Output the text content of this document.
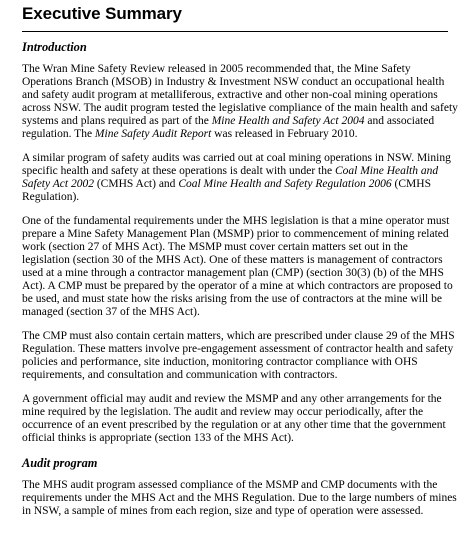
Executive Summary
Introduction

The Wran Mine Safety Review released in 2005 recommended that, the Mine Safety Operations Branch (MSOB) in Industry & Investment NSW conduct an occupational health and safety audit program at metalliferous, extractive and other non-coal mining operations across NSW. The audit program tested the legislative compliance of the main health and safety systems and plans required as part of the Mine Health and Safety Act 2004 and associated regulation. The Mine Safety Audit Report was released in February 2010.

A similar program of safety audits was carried out at coal mining operations in NSW. Mining specific health and safety at these operations is dealt with under the Coal Mine Health and Safety Act 2002 (CMHS Act) and Coal Mine Health and Safety Regulation 2006 (CMHS Regulation).

One of the fundamental requirements under the MHS legislation is that a mine operator must prepare a Mine Safety Management Plan (MSMP) prior to commencement of mining related work (section 27 of MHS Act). The MSMP must cover certain matters set out in the legislation (section 30 of the MHS Act). One of these matters is management of contractors used at a mine through a contractor management plan (CMP) (section 30(3) (b) of the MHS Act). A CMP must be prepared by the operator of a mine at which contractors are proposed to be used, and must state how the risks arising from the use of contractors at the mine will be managed (section 37 of the MHS Act).

The CMP must also contain certain matters, which are prescribed under clause 29 of the MHS Regulation. These matters involve pre-engagement assessment of contractor health and safety policies and performance, site induction, monitoring contractor compliance with OHS requirements, and consultation and communication with contractors.

A government official may audit and review the MSMP and any other arrangements for the mine required by the legislation. The audit and review may occur periodically, after the occurrence of an event prescribed by the regulation or at any other time that the government official thinks is appropriate (section 133 of the MHS Act).

Audit program

The MHS audit program assessed compliance of the MSMP and CMP documents with the requirements under the MHS Act and the MHS Regulation. Due to the large numbers of mines in NSW, a sample of mines from each region, size and type of operation were assessed.
